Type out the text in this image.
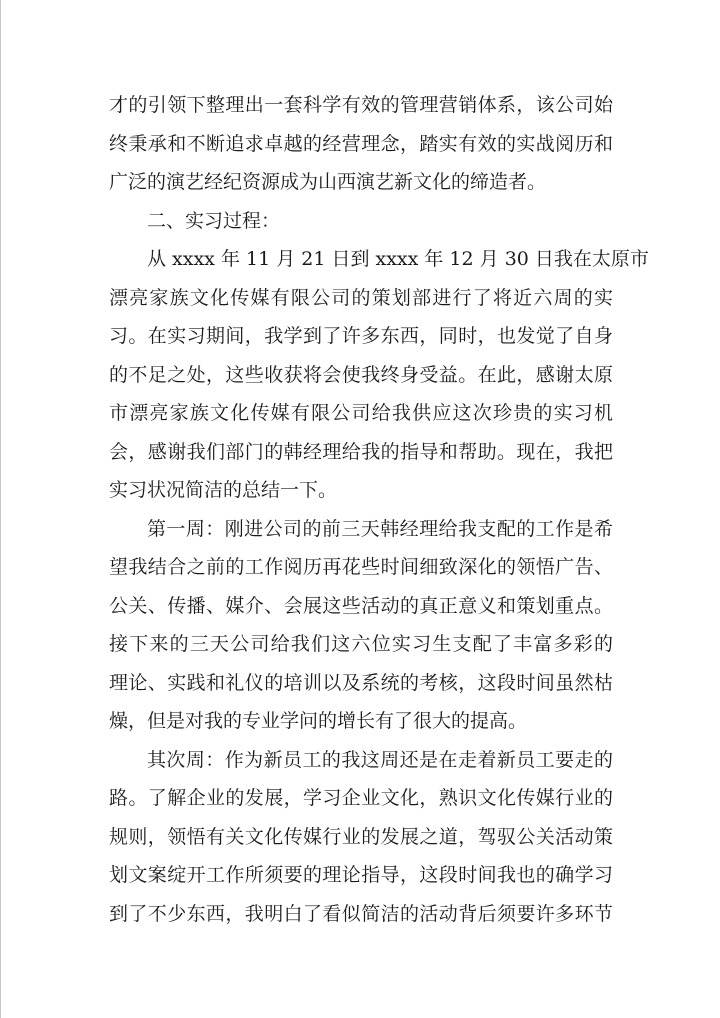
才的引领下整理出一套科学有效的管理营销体系，该公司始
终秉承和不断追求卓越的经营理念，踏实有效的实战阅历和
广泛的演艺经纪资源成为山西演艺新文化的缔造者。
二、实习过程：
从 xxxx 年 11 月 21 日到 xxxx 年 12 月 30 日我在太原市
漂亮家族文化传媒有限公司的策划部进行了将近六周的实
习。在实习期间，我学到了许多东西，同时，也发觉了自身
的不足之处，这些收获将会使我终身受益。在此，感谢太原
市漂亮家族文化传媒有限公司给我供应这次珍贵的实习机
会，感谢我们部门的韩经理给我的指导和帮助。现在，我把
实习状况简洁的总结一下。
第一周：刚进公司的前三天韩经理给我支配的工作是希
望我结合之前的工作阅历再花些时间细致深化的领悟广告、
公关、传播、媒介、会展这些活动的真正意义和策划重点。
接下来的三天公司给我们这六位实习生支配了丰富多彩的
理论、实践和礼仪的培训以及系统的考核，这段时间虽然枯
燥，但是对我的专业学问的增长有了很大的提高。
其次周：作为新员工的我这周还是在走着新员工要走的
路。了解企业的发展，学习企业文化，熟识文化传媒行业的
规则，领悟有关文化传媒行业的发展之道，驾驭公关活动策
划文案绽开工作所须要的理论指导，这段时间我也的确学习
到了不少东西，我明白了看似简洁的活动背后须要许多环节
